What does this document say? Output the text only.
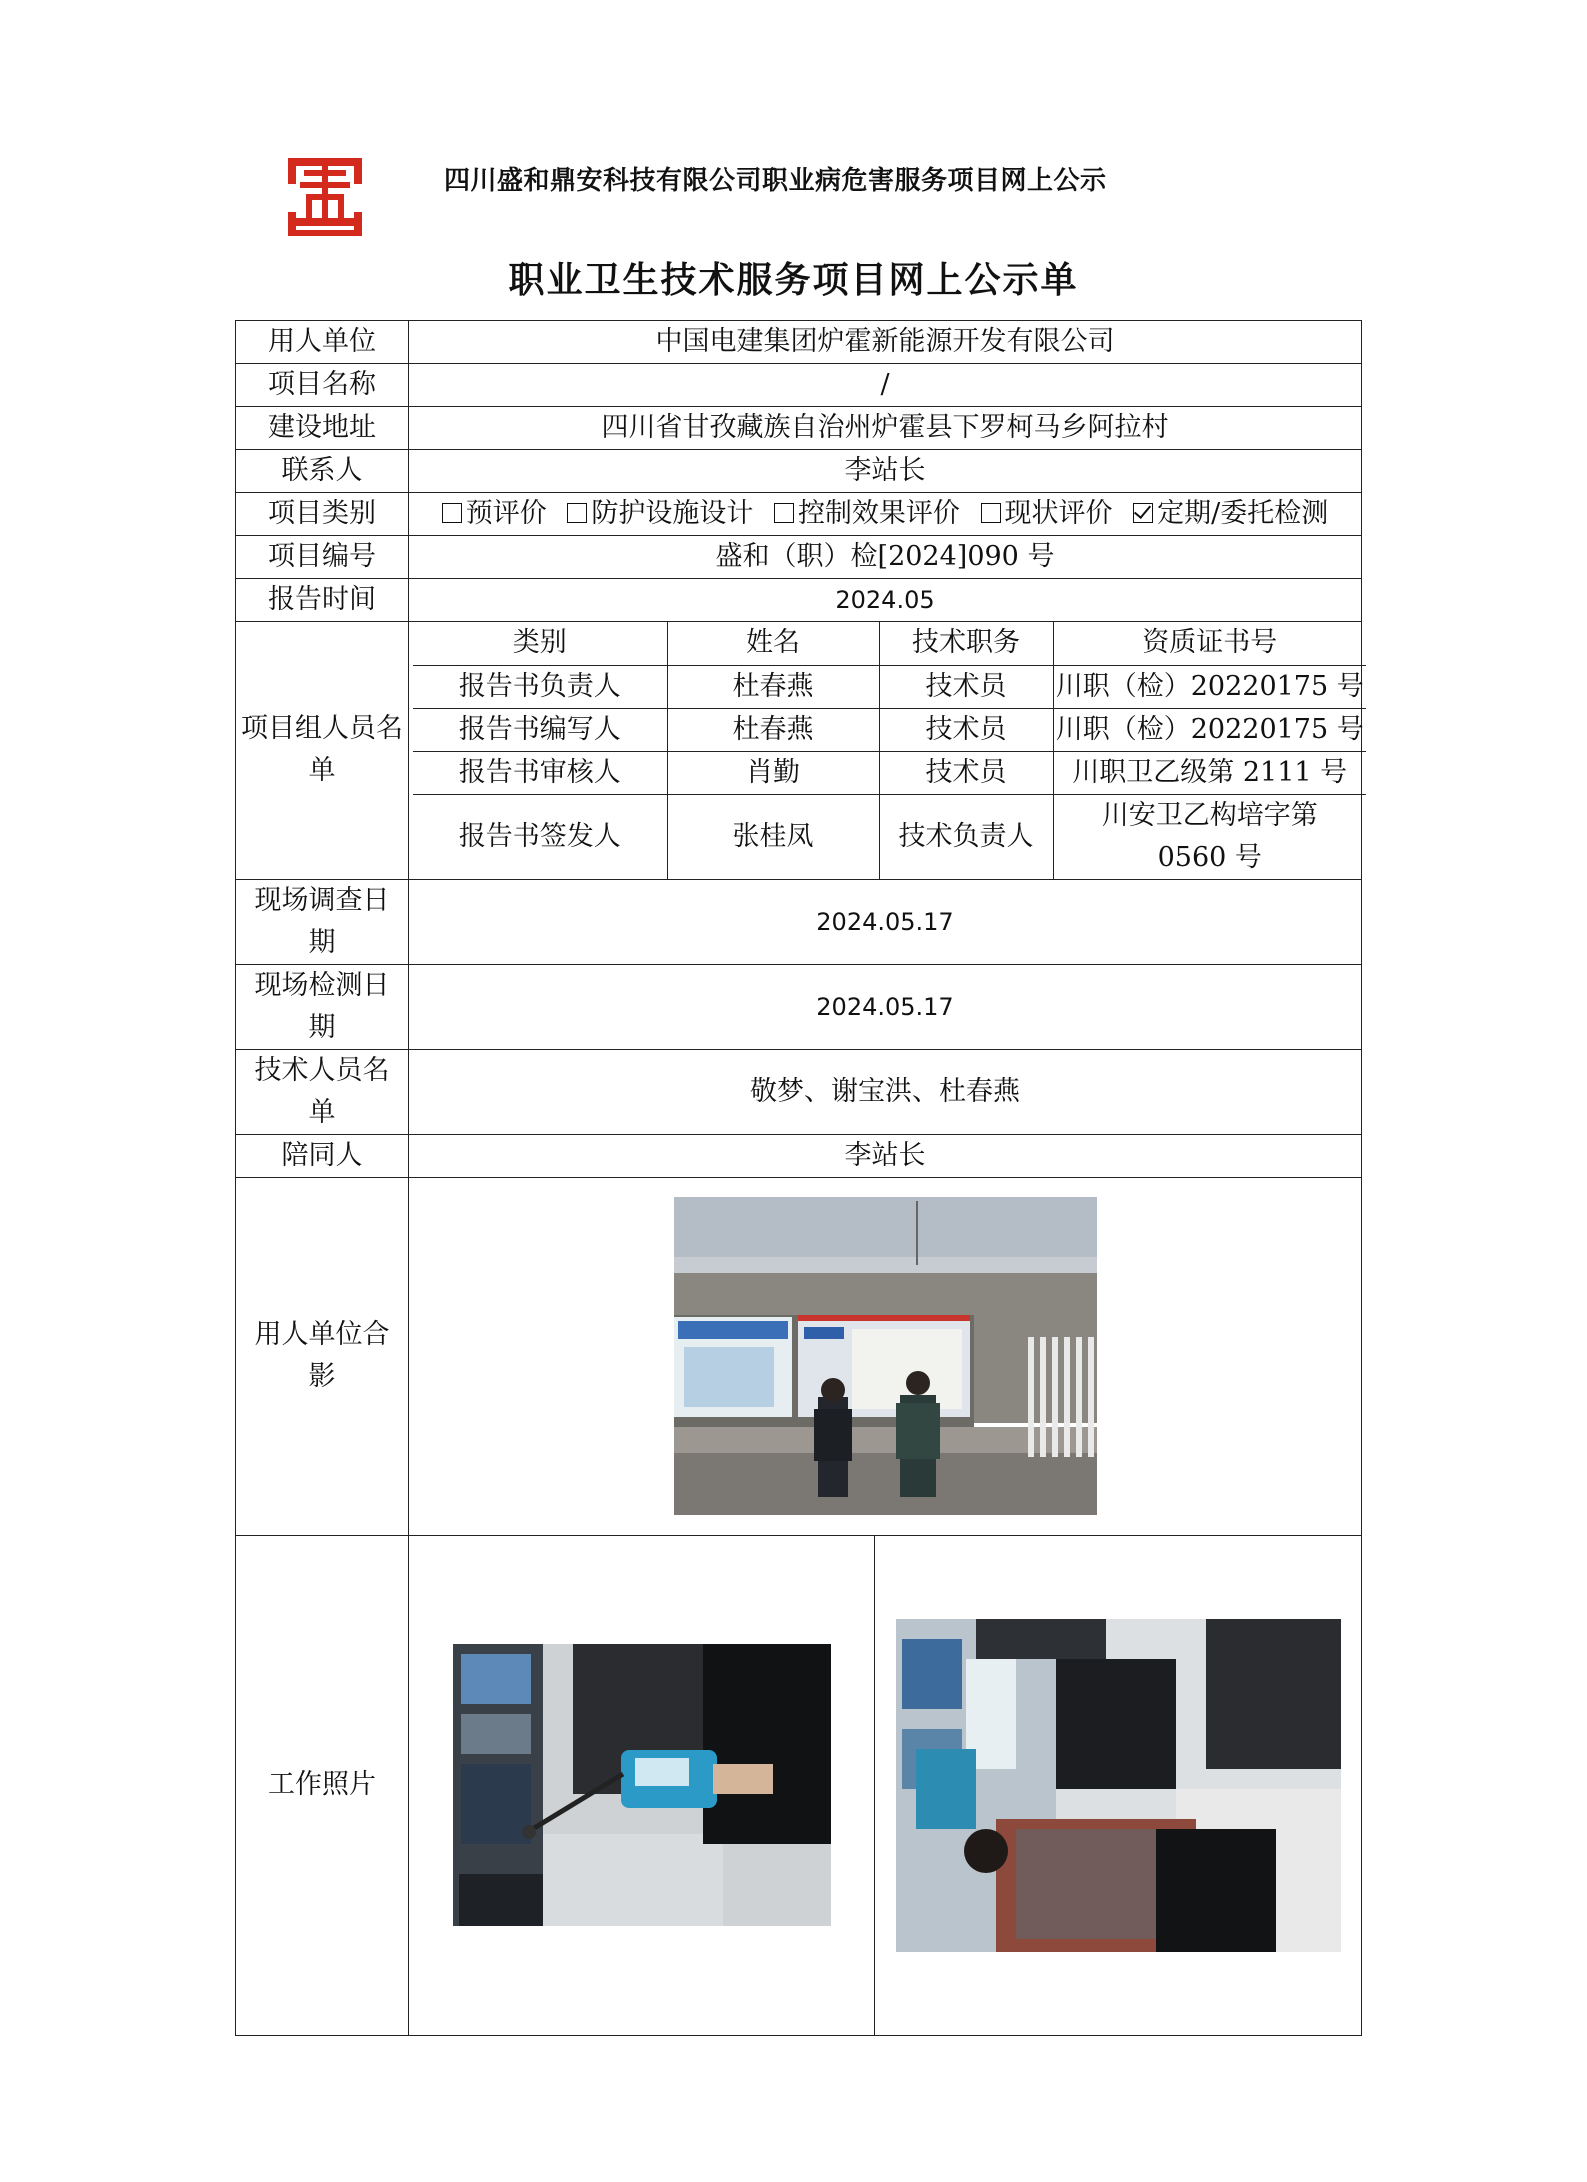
四川盛和鼎安科技有限公司职业病危害服务项目网上公示
职业卫生技术服务项目网上公示单
用人单位	中国电建集团炉霍新能源开发有限公司
项目名称	/
建设地址	四川省甘孜藏族自治州炉霍县下罗柯马乡阿拉村
联系人	李站长
项目类别	预评价 防护设施设计 控制效果评价 现状评价 定期/委托检测
项目编号	盛和（职）检[2024]090 号
报告时间	2024.05
项目组人员名单	
类别	姓名	技术职务	资质证书号
报告书负责人	杜春燕	技术员	川职（检）20220175 号
报告书编写人	杜春燕	技术员	川职（检）20220175 号
报告书审核人	肖勤	技术员	川职卫乙级第 2111 号
报告书签发人	张桂凤	技术负责人	川安卫乙构培字第 0560 号

现场调查日期	2024.05.17
现场检测日期	2024.05.17
技术人员名单	敬梦、谢宝洪、杜春燕
陪同人	李站长
用人单位合影	

工作照片	
